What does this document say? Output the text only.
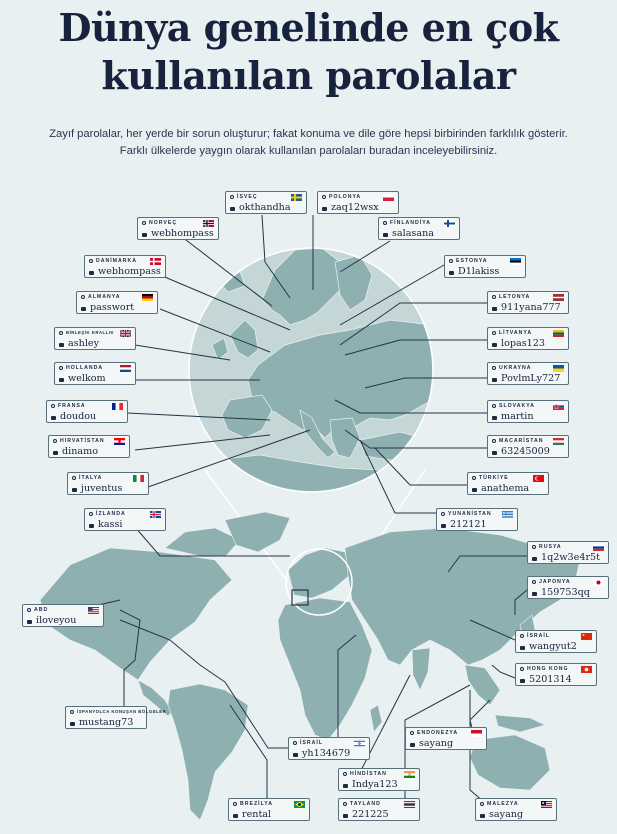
Dünya genelinde en çok
kullanılan parolalar
Zayıf parolalar, her yerde bir sorun oluşturur; fakat konuma ve dile göre hepsi birbirinden farklılık gösterir.
Farklı ülkelerde yaygın olarak kullanılan parolaları buradan inceleyebilirsiniz.
İSVEÇ
okthandha
POLONYA
zaq12wsx
NORVEÇ
webhompass
FİNLANDİYA
salasana
DANİMARKA
webhompass
ESTONYA
D1lakiss
ALMANYA
passwort
LETONYA
911yana777
BİRLEŞİK KRALLIK
ashley
LİTVANYA
lopas123
HOLLANDA
welkom
UKRAYNA
PovlmLy727
FRANSA
doudou
SLOVAKYA
martin
HIRVATİSTAN
dinamo
MACARİSTAN
63245009
İTALYA
juventus
TÜRKİYE
anathema
İZLANDA
kassi
YUNANİSTAN
212121
RUSYA
1q2w3e4r5t
JAPONYA
159753qq
ABD
iloveyou
İSRAİL
wangyut2
HONG KONG
5201314
İSPANYOLCA KONUŞAN BÖLGELER
mustang73
ENDONEZYA
sayang
İSRAİL
yh134679
HİNDİSTAN
Indya123
BREZİLYA
rental
TAYLAND
221225
MALEZYA
sayang
